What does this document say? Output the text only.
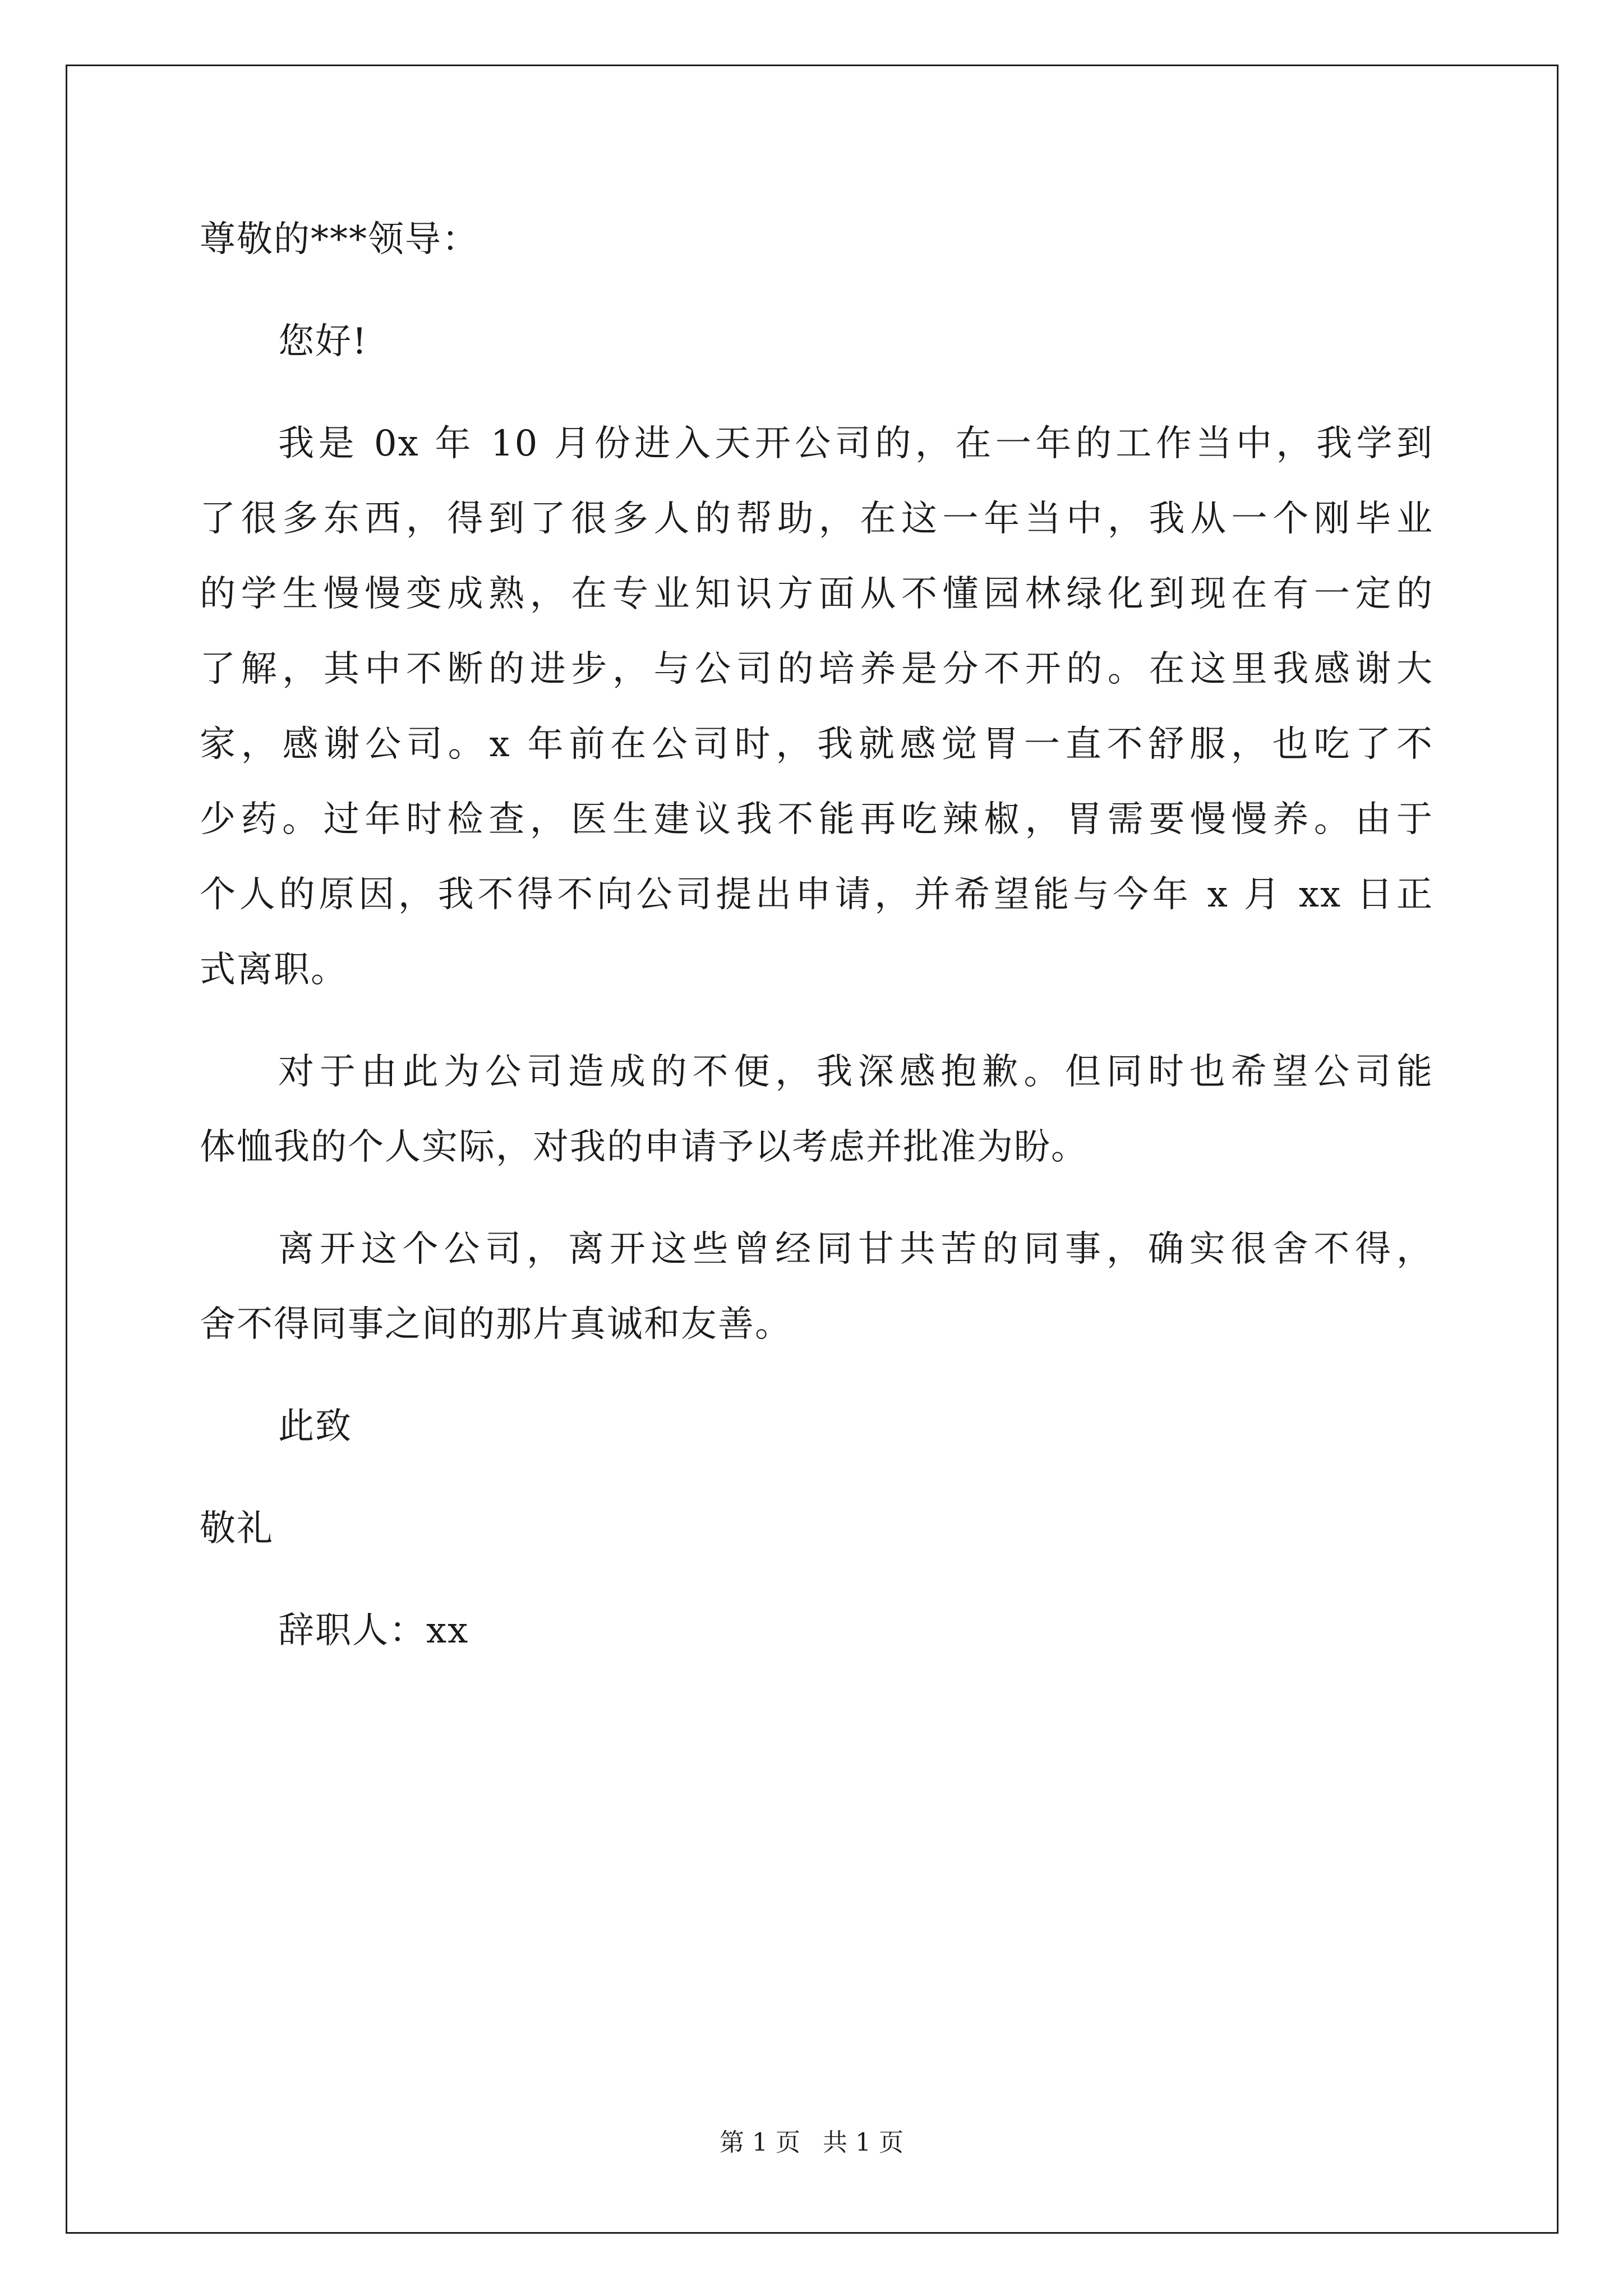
尊敬的***领导：
您好!
我是 0x 年 10 月份进入天开公司的，在一年的工作当中，我学到
了很多东西，得到了很多人的帮助，在这一年当中，我从一个刚毕业
的学生慢慢变成熟，在专业知识方面从不懂园林绿化到现在有一定的
了解，其中不断的进步，与公司的培养是分不开的。在这里我感谢大
家，感谢公司。x 年前在公司时，我就感觉胃一直不舒服，也吃了不
少药。过年时检查，医生建议我不能再吃辣椒，胃需要慢慢养。由于
个人的原因，我不得不向公司提出申请，并希望能与今年 x 月 xx 日正
式离职。
对于由此为公司造成的不便，我深感抱歉。但同时也希望公司能
体恤我的个人实际，对我的申请予以考虑并批准为盼。
离开这个公司，离开这些曾经同甘共苦的同事，确实很舍不得，
舍不得同事之间的那片真诚和友善。
此致
敬礼
辞职人：xx
第 1 页 共 1 页
